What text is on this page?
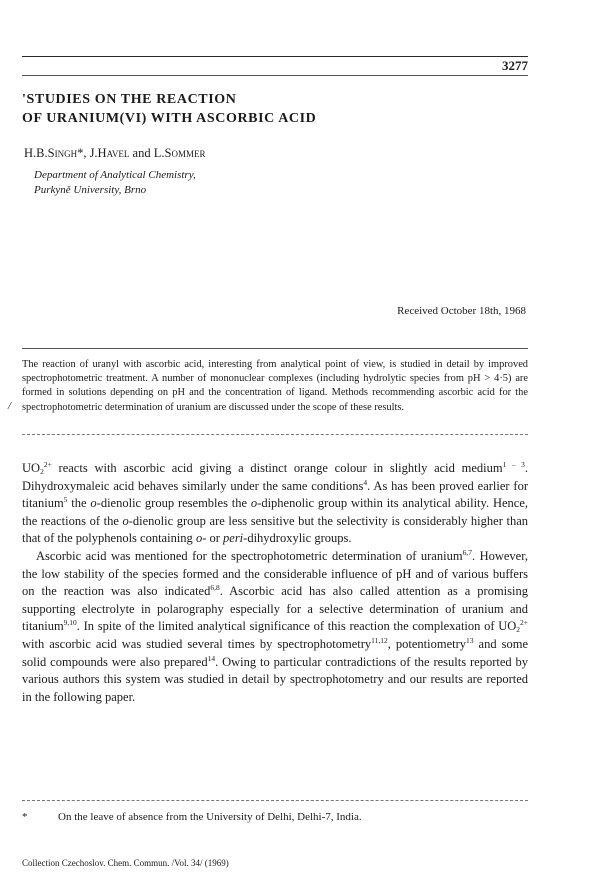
3277
'STUDIES ON THE REACTION
OF URANIUM(VI) WITH ASCORBIC ACID
H.B.Singh*, J.Havel and L.Sommer
Department of Analytical Chemistry,
Purkyně University, Brno
Received October 18th, 1968
/
The reaction of uranyl with ascorbic acid, interesting from analytical point of view, is studied in detail by improved spectrophotometric treatment. A number of mononuclear complexes (including hydrolytic species from pH > 4·5) are formed in solutions depending on pH and the concentration of ligand. Methods recommending ascorbic acid for the spectrophotometric determination of uranium are discussed under the scope of these results.

$UO_2^{2+}$ reacts with ascorbic acid giving a distinct orange colour in slightly acid medium$^{1 - 3}$. Dihydroxymaleic acid behaves similarly under the same conditions$^4$. As has been proved earlier for titanium$^5$ the o-dienolic group resembles the o-diphenolic group within its analytical ability. Hence, the reactions of the o-dienolic group are less sensitive but the selectivity is considerably higher than that of the polyphenols containing o- or peri-dihydroxylic groups.

Ascorbic acid was mentioned for the spectrophotometric determination of uranium$^{6,7}$. However, the low stability of the species formed and the considerable influence of pH and of various buffers on the reaction was also indicated$^{6,8}$. Ascorbic acid has also called attention as a promising supporting electrolyte in polarography especially for a selective determination of uranium and titanium$^{9,10}$. In spite of the limited analytical significance of this reaction the complexation of $UO_2^{2+}$ with ascorbic acid was studied several times by spectrophotometry$^{11,12}$, potentiometry$^{13}$ and some solid compounds were also prepared$^{14}$. Owing to particular contradictions of the results reported by various authors this system was studied in detail by spectrophotometry and our results are reported in the following paper.

*	On the leave of absence from the University of Delhi, Delhi-7, India.
Collection Czechoslov. Chem. Commun. /Vol. 34/ (1969)
